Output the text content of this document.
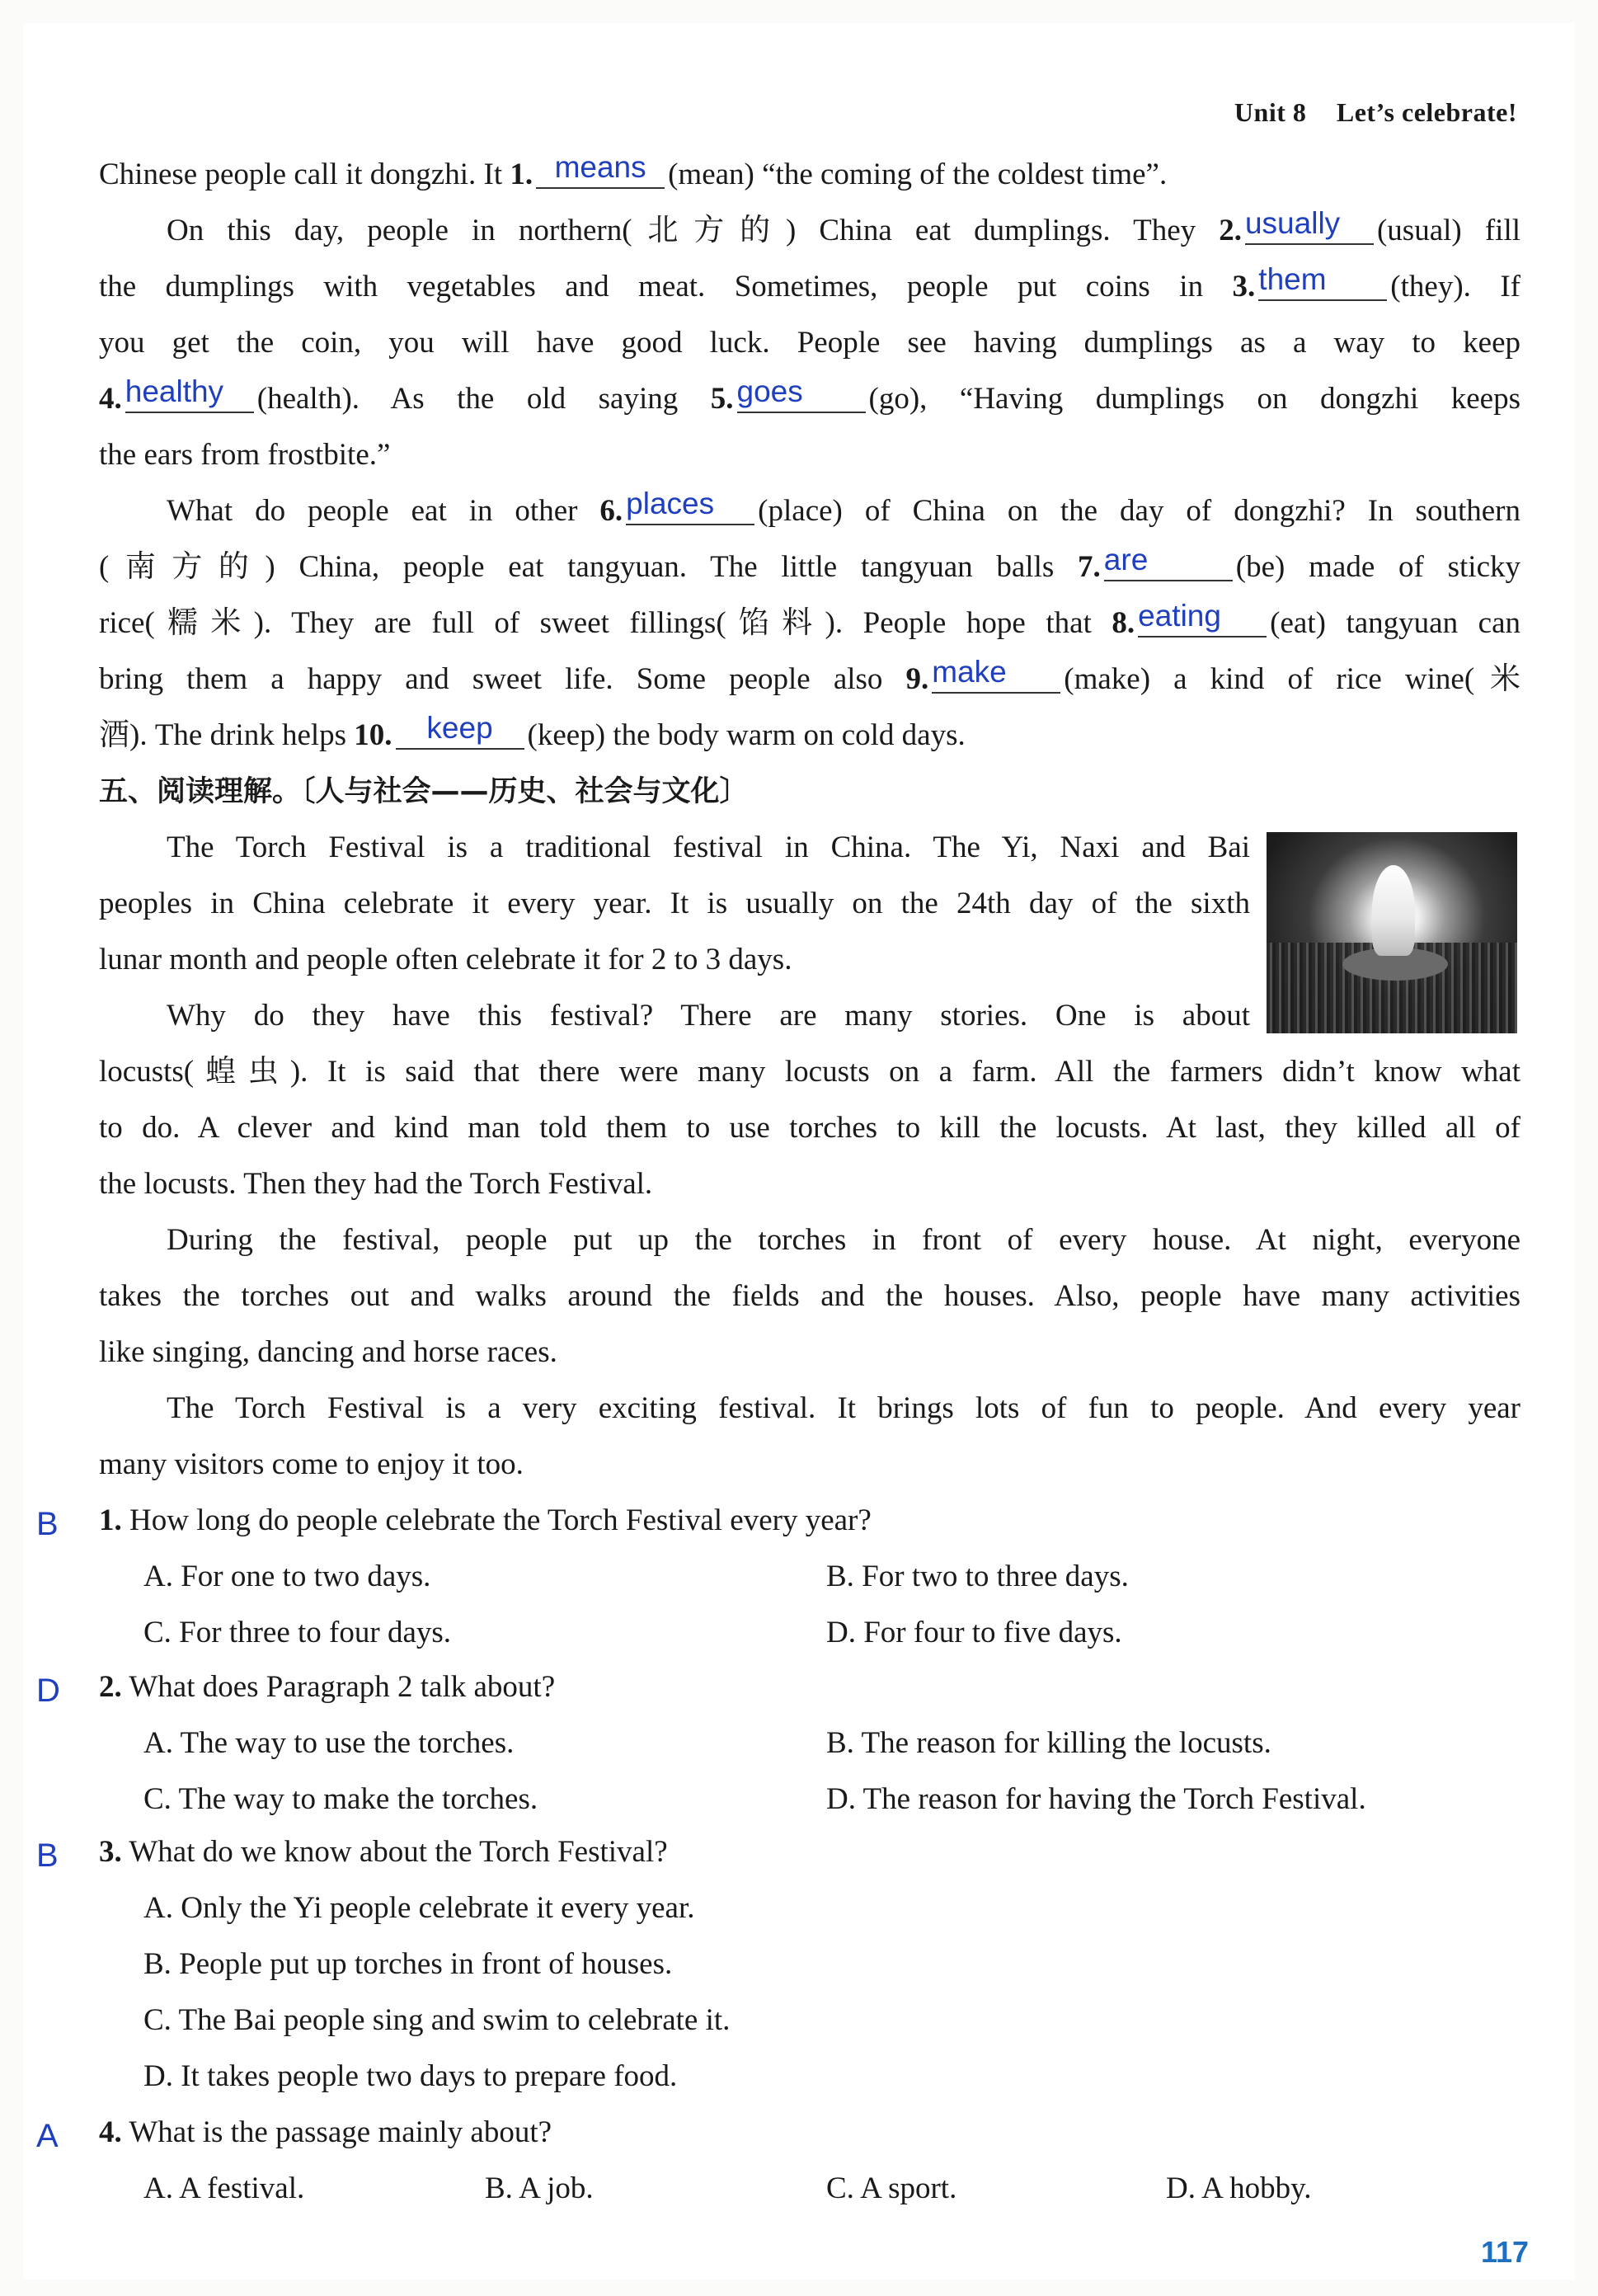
Unit 8 Let’s celebrate!
Chinese people call it dongzhi. It 1. means (mean) “the coming of the coldest time”.
On this day, people in northern(北方的) China eat dumplings. They 2. usually	(usual) fill
the dumplings with vegetables and meat. Sometimes, people put coins in 3. them	(they). If
you get the coin, you will have good luck. People see having dumplings as a way to keep
4. healthy	(health). As the old saying 5. goes	(go), “Having dumplings on dongzhi keeps
the ears from frostbite.”
What do people eat in other 6. places	(place) of China on the day of dongzhi? In southern
(南方的) China, people eat tangyuan. The little tangyuan balls 7. are	(be) made of sticky
rice(糯米). They are full of sweet fillings(馅料). People hope that 8. eating	(eat) tangyuan can
bring them a happy and sweet life. Some people also 9. make	(make) a kind of rice wine(米
酒). The drink helps 10.	keep	(keep) the body warm on cold days.
五、阅读理解。〔人与社会——历史、社会与文化〕
The Torch Festival is a traditional festival in China. The Yi, Naxi and Bai
peoples in China celebrate it every year. It is usually on the 24th day of the sixth
lunar month and people often celebrate it for 2 to 3 days.
Why do they have this festival? There are many stories. One is about
locusts(蝗虫). It is said that there were many locusts on a farm. All the farmers didn’t know what
to do. A clever and kind man told them to use torches to kill the locusts. At last, they killed all of
the locusts. Then they had the Torch Festival.
During the festival, people put up the torches in front of every house. At night, everyone
takes the torches out and walks around the fields and the houses. Also, people have many activities
like singing, dancing and horse races.
The Torch Festival is a very exciting festival. It brings lots of fun to people. And every year
many visitors come to enjoy it too.
B 1. How long do people celebrate the Torch Festival every year?
A. For one to two days.	B. For two to three days.
C. For three to four days.	D. For four to five days.
D 2. What does Paragraph 2 talk about?
A. The way to use the torches.	B. The reason for killing the locusts.
C. The way to make the torches.	D. The reason for having the Torch Festival.
B 3. What do we know about the Torch Festival?
A. Only the Yi people celebrate it every year.
B. People put up torches in front of houses.
C. The Bai people sing and swim to celebrate it.
D. It takes people two days to prepare food.
A 4. What is the passage mainly about?
A. A festival.	B. A job.	C. A sport.	D. A hobby.
117
